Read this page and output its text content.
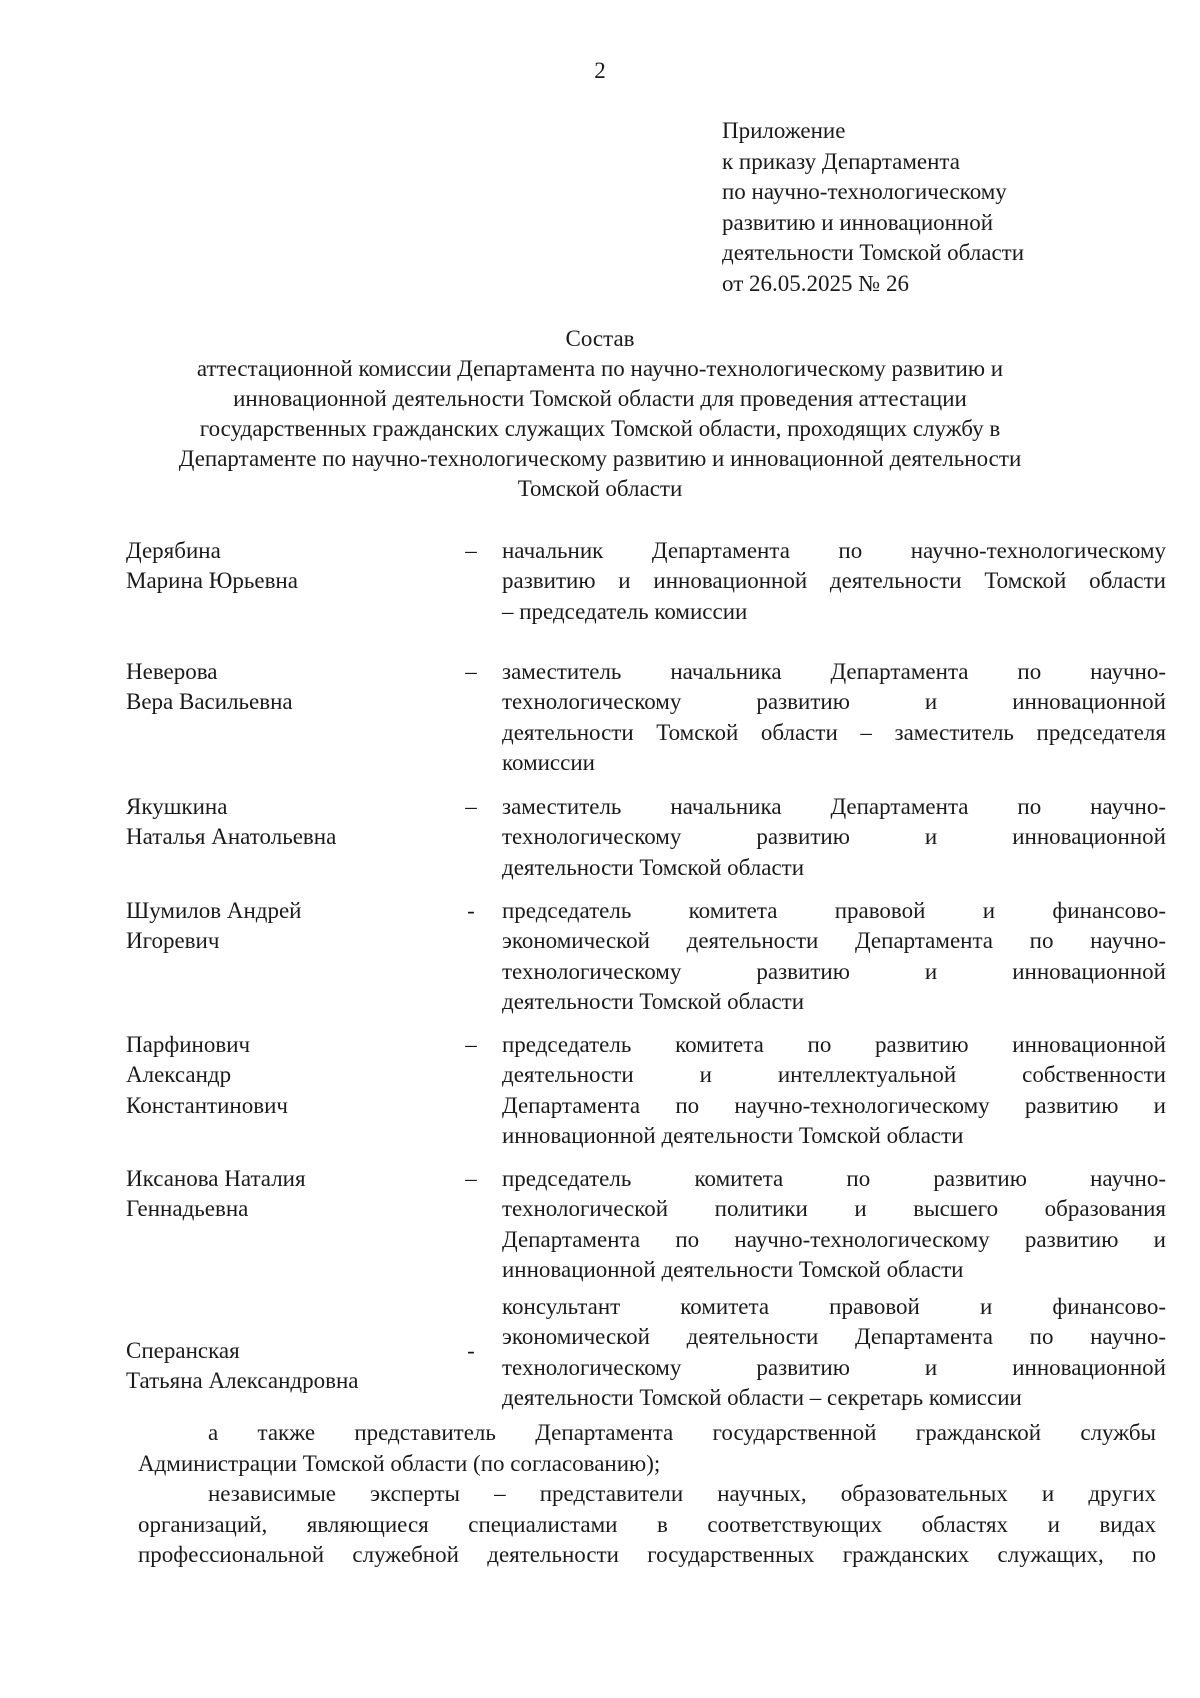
2
Приложение
к приказу Департамента
по научно-технологическому
развитию и инновационной
деятельности Томской области
от 26.05.2025 № 26
Состав
аттестационной комиссии Департамента по научно-технологическому развитию и
инновационной деятельности Томской области для проведения аттестации
государственных гражданских служащих Томской области, проходящих службу в
Департаменте по научно-технологическому развитию и инновационной деятельности
Томской области
Дерябина
Марина Юрьевна
–	начальник Департамента по научно-технологическому
развитию и инновационной деятельности Томской области
– председатель комиссии
Неверова
Вера Васильевна
–	заместитель начальника Департамента по научно-
технологическому развитию и инновационной
деятельности Томской области – заместитель председателя
комиссии
Якушкина
Наталья Анатольевна
–	заместитель начальника Департамента по научно-
технологическому развитию и инновационной
деятельности Томской области
Шумилов Андрей
Игоревич
-	председатель комитета правовой и финансово-
экономической деятельности Департамента по научно-
технологическому развитию и инновационной
деятельности Томской области
Парфинович
Александр
Константинович
–	председатель комитета по развитию инновационной
деятельности и интеллектуальной собственности
Департамента по научно-технологическому развитию и
инновационной деятельности Томской области
Иксанова Наталия
Геннадьевна
–	председатель комитета по развитию научно-
технологической политики и высшего образования
Департамента по научно-технологическому развитию и
инновационной деятельности Томской области
Сперанская
Татьяна Александровна
-
консультант комитета правовой и финансово-
экономической деятельности Департамента по научно-
технологическому развитию и инновационной
деятельности Томской области – секретарь комиссии
а также представитель Департамента государственной гражданской службы
Администрации Томской области (по согласованию);
независимые эксперты – представители научных, образовательных и других
организаций, являющиеся специалистами в соответствующих областях и видах
профессиональной служебной деятельности государственных гражданских служащих, по
